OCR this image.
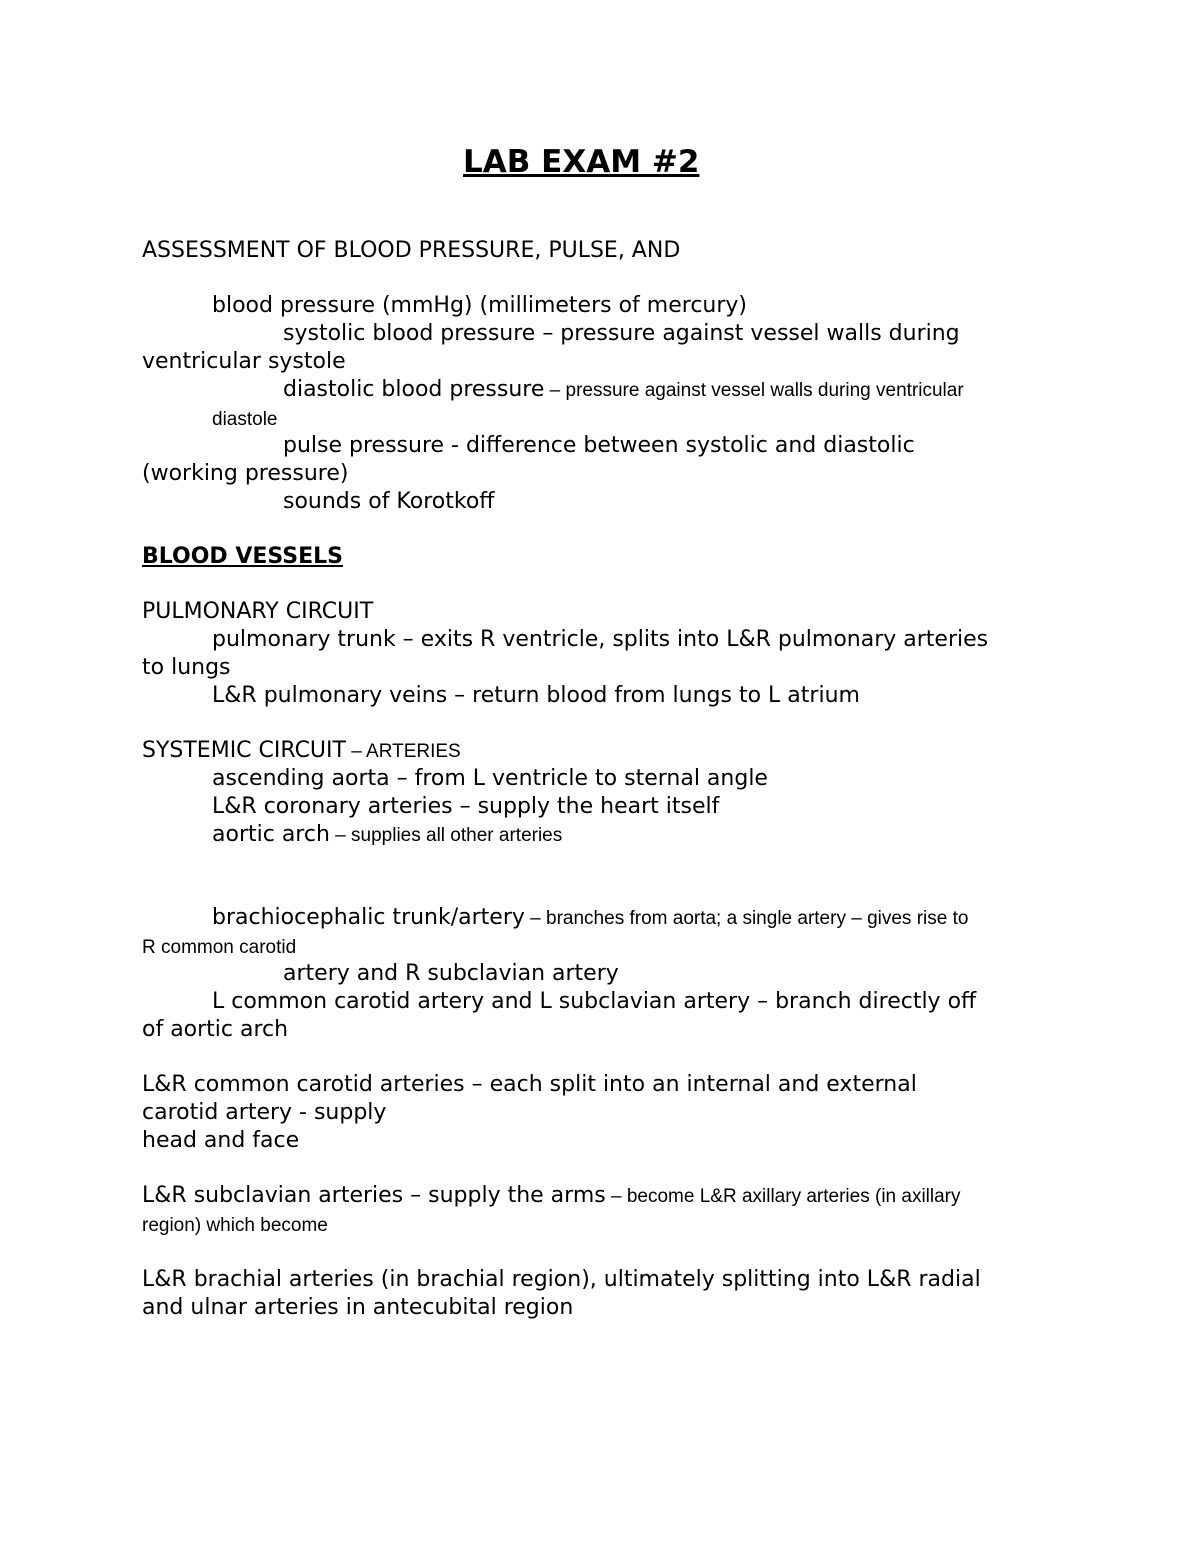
LAB EXAM #2
ASSESSMENT OF BLOOD PRESSURE, PULSE, AND
blood pressure (mmHg) (millimeters of mercury)
systolic blood pressure – pressure against vessel walls during
ventricular systole
diastolic blood pressure – pressure against vessel walls during ventricular
diastole
pulse pressure - difference between systolic and diastolic
(working pressure)
sounds of Korotkoff
BLOOD VESSELS
PULMONARY CIRCUIT
pulmonary trunk – exits R ventricle, splits into L&R pulmonary arteries
to lungs
L&R pulmonary veins – return blood from lungs to L atrium
SYSTEMIC CIRCUIT – ARTERIES
ascending aorta – from L ventricle to sternal angle
L&R coronary arteries – supply the heart itself
aortic arch – supplies all other arteries
brachiocephalic trunk/artery – branches from aorta; a single artery – gives rise to
R common carotid
artery and R subclavian artery
L common carotid artery and L subclavian artery – branch directly off
of aortic arch
L&R common carotid arteries – each split into an internal and external
carotid artery - supply
head and face
L&R subclavian arteries – supply the arms – become L&R axillary arteries (in axillary
region) which become
L&R brachial arteries (in brachial region), ultimately splitting into L&R radial
and ulnar arteries in antecubital region
